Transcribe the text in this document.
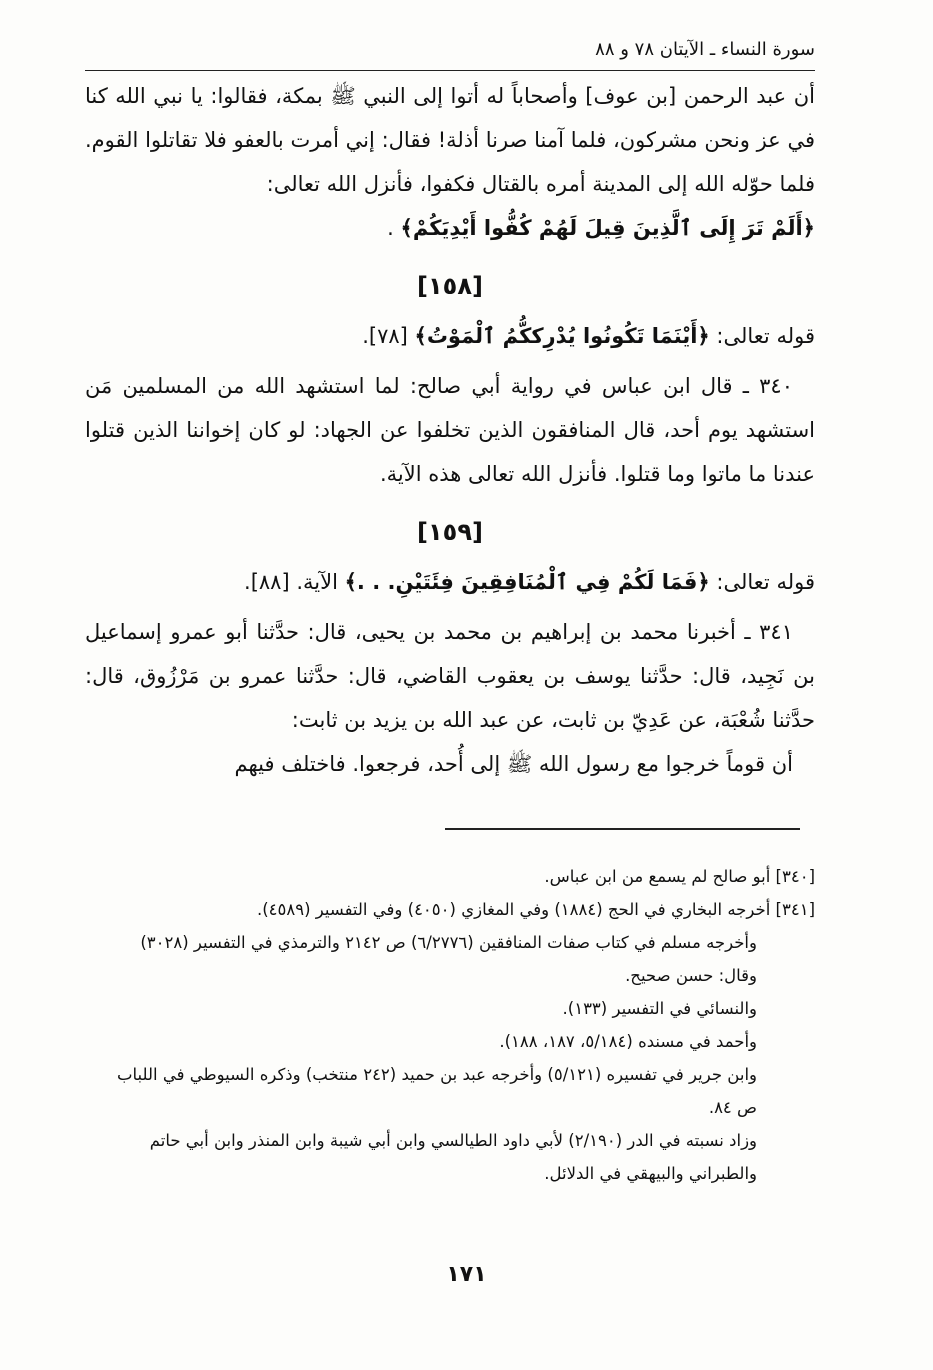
سورة النساء ـ الآيتان ٧٨ و ٨٨

أن عبد الرحمن [بن عوف] وأصحاباً له أتوا إلى النبي ﷺ بمكة، فقالوا: يا نبي الله كنا في عز ونحن مشركون، فلما آمنا صرنا أذلة! فقال: إني أمرت بالعفو فلا تقاتلوا القوم. فلما حوّله الله إلى المدينة أمره بالقتال فكفوا، فأنزل الله تعالى:
﴿أَلَمْ تَرَ إِلَى ٱلَّذِينَ قِيلَ لَهُمْ كُفُّوا أَيْدِيَكُمْ﴾ .

[١٥٨]

قوله تعالى: ﴿أَيْنَمَا تَكُونُوا يُدْرِككُّمُ ٱلْمَوْتُ﴾ [٧٨].

٣٤٠ ـ قال ابن عباس في رواية أبي صالح: لما استشهد الله من المسلمين مَن استشهد يوم أحد، قال المنافقون الذين تخلفوا عن الجهاد: لو كان إخواننا الذين قتلوا عندنا ما ماتوا وما قتلوا. فأنزل الله تعالى هذه الآية.

[١٥٩]

قوله تعالى: ﴿فَمَا لَكُمْ فِي ٱلْمُنَافِقِينَ فِئَتَيْنِ. . .﴾ الآية. [٨٨].

٣٤١ ـ أخبرنا محمد بن إبراهيم بن محمد بن يحيى، قال: حدَّثنا أبو عمرو إسماعيل بن نَجِيد، قال: حدَّثنا يوسف بن يعقوب القاضي، قال: حدَّثنا عمرو بن مَرْزُوق، قال: حدَّثنا شُعْبَة، عن عَدِيّ بن ثابت، عن عبد الله بن يزيد بن ثابت:

أن قوماً خرجوا مع رسول الله ﷺ إلى أُحد، فرجعوا. فاختلف فيهم

[٣٤٠] أبو صالح لم يسمع من ابن عباس.

[٣٤١] أخرجه البخاري في الحج (١٨٨٤) وفي المغازي (٤٠٥٠) وفي التفسير (٤٥٨٩).

وأخرجه مسلم في كتاب صفات المنافقين (٦/٢٧٧٦) ص ٢١٤٢ والترمذي في التفسير (٣٠٢٨)

وقال: حسن صحيح.

والنسائي في التفسير (١٣٣).

وأحمد في مسنده (٥/١٨٤، ١٨٧، ١٨٨).

وابن جرير في تفسيره (٥/١٢١) وأخرجه عبد بن حميد (٢٤٢ منتخب) وذكره السيوطي في اللباب

ص ٨٤.

وزاد نسبته في الدر (٢/١٩٠) لأبي داود الطيالسي وابن أبي شيبة وابن المنذر وابن أبي حاتم

والطبراني والبيهقي في الدلائل.

١٧١
